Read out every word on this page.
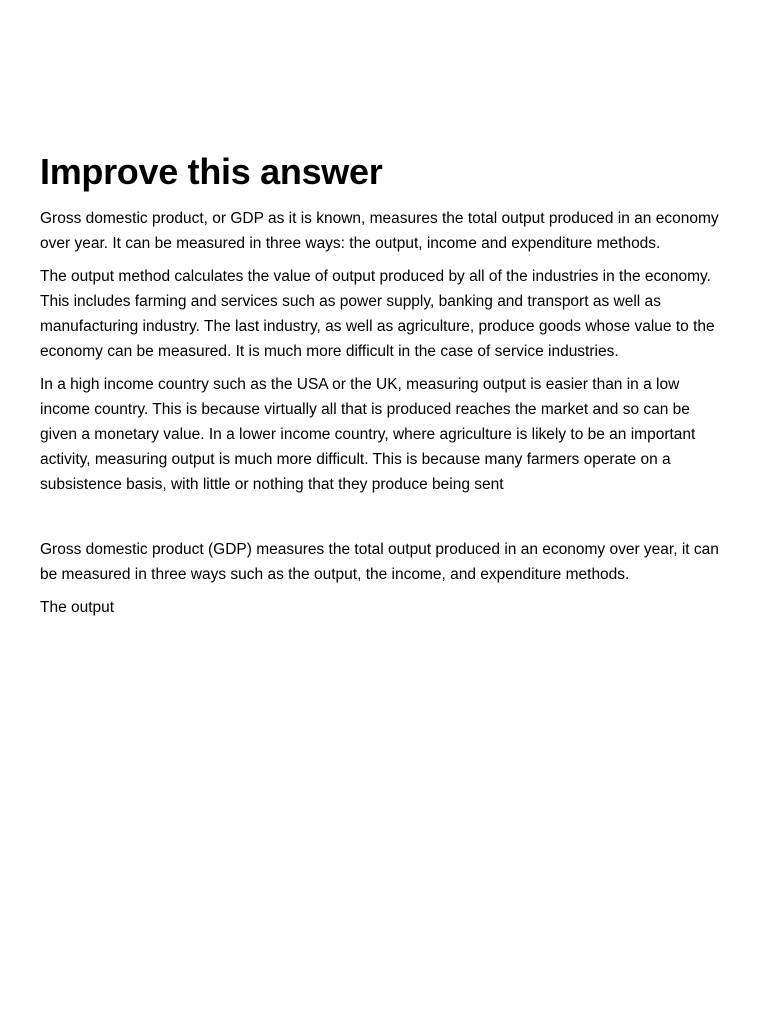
Improve this answer

Gross domestic product, or GDP as it is known, measures the total output produced in an economy over year. It can be measured in three ways: the output, income and expenditure methods.

The output method calculates the value of output produced by all of the industries in the economy. This includes farming and services such as power supply, banking and transport as well as manufacturing industry. The last industry, as well as agriculture, produce goods whose value to the economy can be measured. It is much more difficult in the case of service industries.

In a high income country such as the USA or the UK, measuring output is easier than in a low income country. This is because virtually all that is produced reaches the market and so can be given a monetary value. In a lower income country, where agriculture is likely to be an important activity, measuring output is much more difficult. This is because many farmers operate on a subsistence basis, with little or nothing that they produce being sent

Gross domestic product (GDP) measures the total output produced in an economy over year, it can be measured in three ways such as the output, the income, and expenditure methods.

The output
